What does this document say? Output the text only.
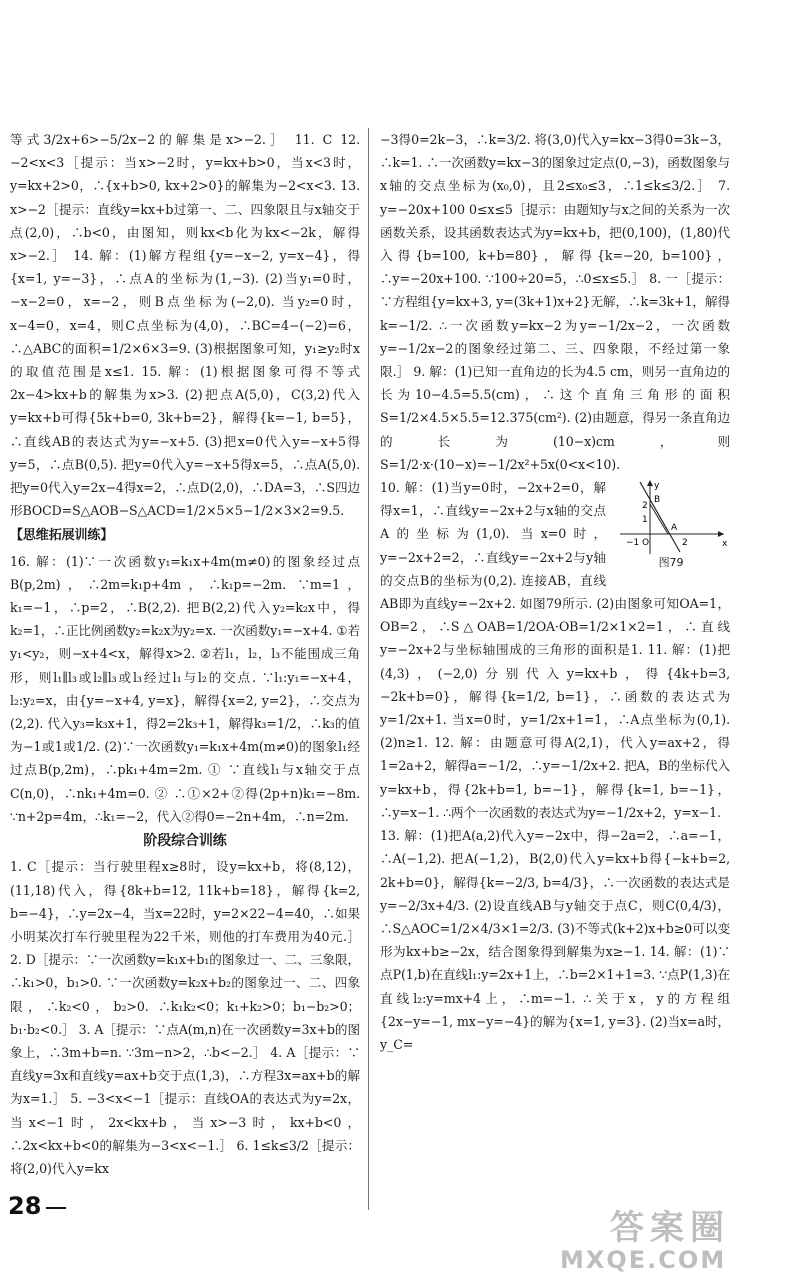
等式3/2x+6>−5/2x−2的解集是x>−2.］ 11. C 12. −2<x<3［提示：当x>−2时，y=kx+b>0，当x<3时，y=kx+2>0，∴{x+b>0, kx+2>0}的解集为−2<x<3. 13. x>−2［提示：直线y=kx+b过第一、二、四象限且与x轴交于点(2,0)，∴b<0，由图知，则kx<b化为kx<−2k，解得x>−2.］ 14. 解：(1)解方程组{y=−x−2, y=x−4}，得{x=1, y=−3}，∴点A的坐标为(1,−3). (2)当y₁=0时，−x−2=0，x=−2，则B点坐标为(−2,0). 当y₂=0时，x−4=0，x=4，则C点坐标为(4,0)，∴BC=4−(−2)=6，∴△ABC的面积=1/2×6×3=9. (3)根据图象可知，y₁≥y₂时x的取值范围是x≤1. 15. 解：(1)根据图象可得不等式2x−4>kx+b的解集为x>3. (2)把点A(5,0)，C(3,2)代入y=kx+b可得{5k+b=0, 3k+b=2}，解得{k=−1, b=5}，∴直线AB的表达式为y=−x+5. (3)把x=0代入y=−x+5得y=5，∴点B(0,5). 把y=0代入y=−x+5得x=5，∴点A(5,0). 把y=0代入y=2x−4得x=2，∴点D(2,0)，∴DA=3，∴S四边形BOCD=S△AOB−S△ACD=1/2×5×5−1/2×3×2=9.5.

【思维拓展训练】

16. 解：(1)∵一次函数y₁=k₁x+4m(m≠0)的图象经过点B(p,2m)，∴2m=k₁p+4m，∴k₁p=−2m. ∵m=1，k₁=−1，∴p=2，∴B(2,2). 把B(2,2)代入y₂=k₂x中，得k₂=1，∴正比例函数y₂=k₂x为y₂=x. 一次函数y₁=−x+4. ①若y₁<y₂，则−x+4<x，解得x>2. ②若l₁，l₂，l₃不能围成三角形，则l₁∥l₃或l₂∥l₃或l₃经过l₁与l₂的交点. ∵l₁:y₁=−x+4，l₂:y₂=x，由{y=−x+4, y=x}，解得{x=2, y=2}，∴交点为(2,2). 代入y₃=k₃x+1，得2=2k₃+1，解得k₃=1/2，∴k₃的值为−1或1或1/2. (2)∵一次函数y₁=k₁x+4m(m≠0)的图象l₁经过点B(p,2m)，∴pk₁+4m=2m. ① ∵直线l₁与x轴交于点C(n,0)，∴nk₁+4m=0. ② ∴①×2+②得(2p+n)k₁=−8m. ∵n+2p=4m，∴k₁=−2，代入②得0=−2n+4m，∴n=2m.

阶段综合训练

1. C［提示：当行驶里程x≥8时，设y=kx+b，将(8,12)，(11,18)代入，得{8k+b=12, 11k+b=18}，解得{k=2, b=−4}，∴y=2x−4，当x=22时，y=2×22−4=40，∴如果小明某次打车行驶里程为22千米，则他的打车费用为40元.］ 2. D［提示：∵一次函数y=k₁x+b₁的图象过一、二、三象限，∴k₁>0，b₁>0. ∵一次函数y=k₂x+b₂的图象过一、二、四象限，∴k₂<0，b₂>0. ∴k₁k₂<0；k₁+k₂>0；b₁−b₂>0；b₁·b₂<0.］ 3. A［提示：∵点A(m,n)在一次函数y=3x+b的图象上，∴3m+b=n. ∵3m−n>2，∴b<−2.］ 4. A［提示：∵直线y=3x和直线y=ax+b交于点(1,3)，∴方程3x=ax+b的解为x=1.］ 5. −3<x<−1［提示：直线OA的表达式为y=2x，当x<−1时，2x<kx+b，当x>−3时，kx+b<0，∴2x<kx+b<0的解集为−3<x<−1.］ 6. 1≤k≤3/2［提示：将(2,0)代入y=kx

−3得0=2k−3，∴k=3/2. 将(3,0)代入y=kx−3得0=3k−3，∴k=1. ∴一次函数y=kx−3的图象过定点(0,−3)，函数图象与x轴的交点坐标为(x₀,0)，且2≤x₀≤3，∴1≤k≤3/2.］ 7. y=−20x+100 0≤x≤5［提示：由题知y与x之间的关系为一次函数关系，设其函数表达式为y=kx+b，把(0,100)，(1,80)代入得{b=100, k+b=80}，解得{k=−20, b=100}，∴y=−20x+100. ∵100÷20=5，∴0≤x≤5.］ 8. 一［提示：∵方程组{y=kx+3, y=(3k+1)x+2}无解，∴k=3k+1，解得k=−1/2. ∴一次函数y=kx−2为y=−1/2x−2，一次函数y=−1/2x−2的图象经过第二、三、四象限，不经过第一象限.］ 9. 解：(1)已知一直角边的长为4.5 cm，则另一直角边的长为10−4.5=5.5(cm)，∴这个直角三角形的面积S=1/2×4.5×5.5=12.375(cm²). (2)由题意，得另一条直角边的长为(10−x)cm，则S=1/2·x·(10−x)=−1/2x²+5x(0<x<10).

y
x
B
A
O
2
1
−1	2
图79

10. 解：(1)当y=0时，−2x+2=0，解得x=1，∴直线y=−2x+2与x轴的交点A的坐标为(1,0). 当x=0时，y=−2x+2=2，∴直线y=−2x+2与y轴的交点B的坐标为(0,2). 连接AB，直线AB即为直线y=−2x+2. 如图79所示. (2)由图象可知OA=1，OB=2，∴S△OAB=1/2OA·OB=1/2×1×2=1，∴直线y=−2x+2与坐标轴围成的三角形的面积是1. 11. 解：(1)把(4,3)，(−2,0)分别代入y=kx+b，得{4k+b=3, −2k+b=0}，解得{k=1/2, b=1}，∴函数的表达式为y=1/2x+1. 当x=0时，y=1/2x+1=1，∴A点坐标为(0,1). (2)n≥1. 12. 解：由题意可得A(2,1)，代入y=ax+2，得1=2a+2，解得a=−1/2，∴y=−1/2x+2. 把A，B的坐标代入y=kx+b，得{2k+b=1, b=−1}，解得{k=1, b=−1}，∴y=x−1. ∴两个一次函数的表达式为y=−1/2x+2，y=x−1.

13. 解：(1)把A(a,2)代入y=−2x中，得−2a=2，∴a=−1，∴A(−1,2). 把A(−1,2)，B(2,0)代入y=kx+b得{−k+b=2, 2k+b=0}，解得{k=−2/3, b=4/3}，∴一次函数的表达式是y=−2/3x+4/3. (2)设直线AB与y轴交于点C，则C(0,4/3)，∴S△AOC=1/2×4/3×1=2/3. (3)不等式(k+2)x+b≥0可以变形为kx+b≥−2x，结合图象得到解集为x≥−1. 14. 解：(1)∵点P(1,b)在直线l₁:y=2x+1上，∴b=2×1+1=3. ∵点P(1,3)在直线l₂:y=mx+4上，∴m=−1. ∴关于x，y的方程组{2x−y=−1, mx−y=−4}的解为{x=1, y=3}. (2)当x=a时，y_C=

28
答案圈
MXQE.COM
